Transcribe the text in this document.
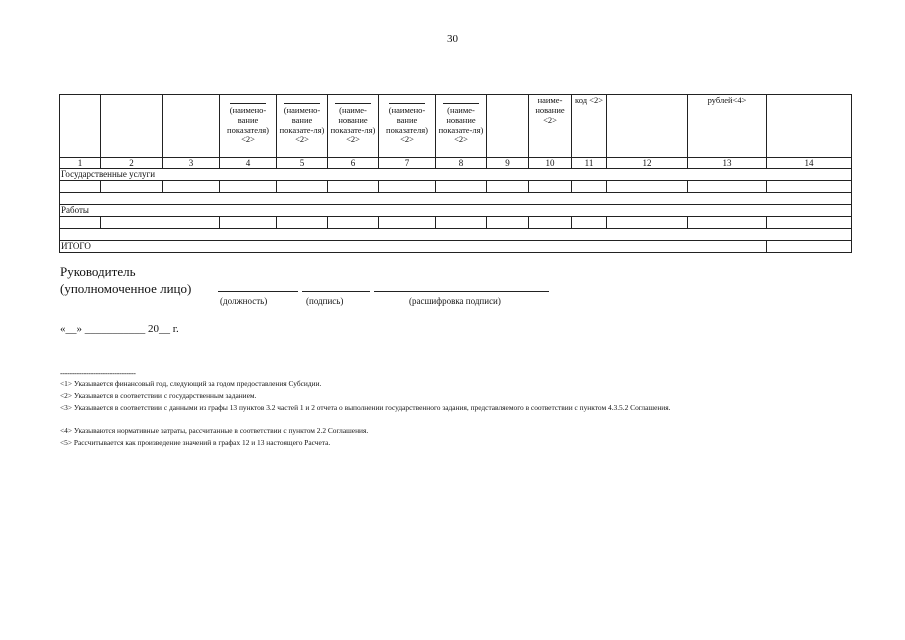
30

			(наимено-вание показателя) <2>	(наимено-вание показате-ля) <2>	(наиме-нование показате-ля) <2>	(наимено-вание показателя) <2>	(наиме-нование показате-ля) <2>		наиме-нование <2>	код <2>		рублей<4>	

1	2	3	4	5	6	7	8	9	10	11	12	13	14
Государственные услуги													

Работы													

ИТОГО													
Руководитель
(уполномоченное лицо)
(должность)	(подпись)	(расшифровка подписи)
«__» ___________ 20__ г.
--------------------------------
<1> Указывается финансовый год, следующий за годом предоставления Субсидии.
<2> Указывается в соответствии с государственным заданием.
<3> Указывается в соответствии с данными из графы 13 пунктов 3.2 частей 1 и 2 отчета о выполнении государственного задания, представляемого в соответствии с пунктом 4.3.5.2 Соглашения.
<4> Указываются нормативные затраты, рассчитанные в соответствии с пунктом 2.2 Соглашения.
<5> Рассчитывается как произведение значений в графах 12 и 13 настоящего Расчета.
